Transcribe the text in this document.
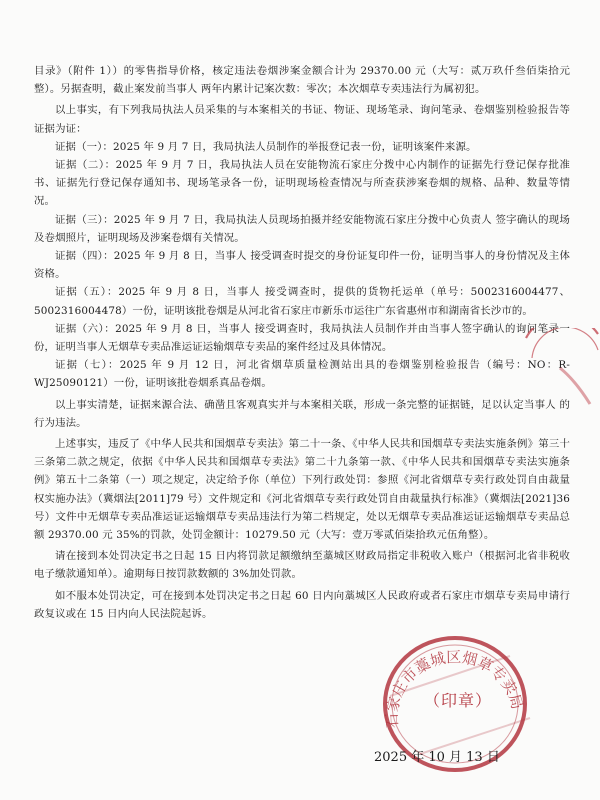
目录》（附件 1））的零售指导价格，核定违法卷烟涉案金额合计为 29370.00 元（大写：贰万玖仟叁佰柒拾元整）。另据查明，截止案发前当事人 两年内累计记案次数：零次；本次烟草专卖违法行为属初犯。

以上事实，有下列我局执法人员采集的与本案相关的书证、物证、现场笔录、询问笔录、卷烟鉴别检验报告等证据为证：

证据（一）：2025 年 9 月 7 日，我局执法人员制作的举报登记表一份，证明该案件来源。

证据（二）：2025 年 9 月 7 日，我局执法人员在安能物流石家庄分拨中心内制作的证据先行登记保存批准书、证据先行登记保存通知书、现场笔录各一份，证明现场检查情况与所查获涉案卷烟的规格、品种、数量等情况。

证据（三）：2025 年 9 月 7 日，我局执法人员现场拍摄并经安能物流石家庄分拨中心负责人 签字确认的现场及卷烟照片，证明现场及涉案卷烟有关情况。

证据（四）：2025 年 9 月 8 日，当事人 接受调查时提交的身份证复印件一份，证明当事人的身份情况及主体资格。

证据（五）：2025 年 9 月 8 日，当事人 接受调查时，提供的货物托运单（单号：5002316004477、5002316004478）一份，证明该批卷烟是从河北省石家庄市新乐市运往广东省惠州市和湖南省长沙市的。

证据（六）：2025 年 9 月 8 日，当事人 接受调查时，我局执法人员制作并由当事人签字确认的询问笔录一份，证明当事人无烟草专卖品准运证运输烟草专卖品的案件经过及具体情况。

证据（七）：2025 年 9 月 12 日，河北省烟草质量检测站出具的卷烟鉴别检验报告（编号：NO：R-WJ25090121）一份，证明该批卷烟系真品卷烟。

以上事实清楚，证据来源合法、确凿且客观真实并与本案相关联，形成一条完整的证据链，足以认定当事人 的行为违法。

上述事实，违反了《中华人民共和国烟草专卖法》第二十一条、《中华人民共和国烟草专卖法实施条例》第三十三条第二款之规定，依据《中华人民共和国烟草专卖法》第二十九条第一款、《中华人民共和国烟草专卖法实施条例》第五十二条第（一）项之规定，决定给予你（单位）下列行政处罚：参照《河北省烟草专卖行政处罚自由裁量权实施办法》（冀烟法[2011]79 号）文件规定和《河北省烟草专卖行政处罚自由裁量执行标准》（冀烟法[2021]36 号）文件中无烟草专卖品准运证运输烟草专卖品违法行为第二档规定，处以无烟草专卖品准运证运输烟草专卖品总额 29370.00 元 35%的罚款，处罚金额计：10279.50 元（大写：壹万零贰佰柒拾玖元伍角整）。

请在接到本处罚决定书之日起 15 日内将罚款足额缴纳至藁城区财政局指定非税收入账户（根据河北省非税收电子缴款通知单）。逾期每日按罚款数额的 3%加处罚款。

如不服本处罚决定，可在接到本处罚决定书之日起 60 日内向藁城区人民政府或者石家庄市烟草专卖局申请行政复议或在 15 日内向人民法院起诉。

石家庄市藁城区烟草专卖局
（印章）
2025 年 10 月 13 日
